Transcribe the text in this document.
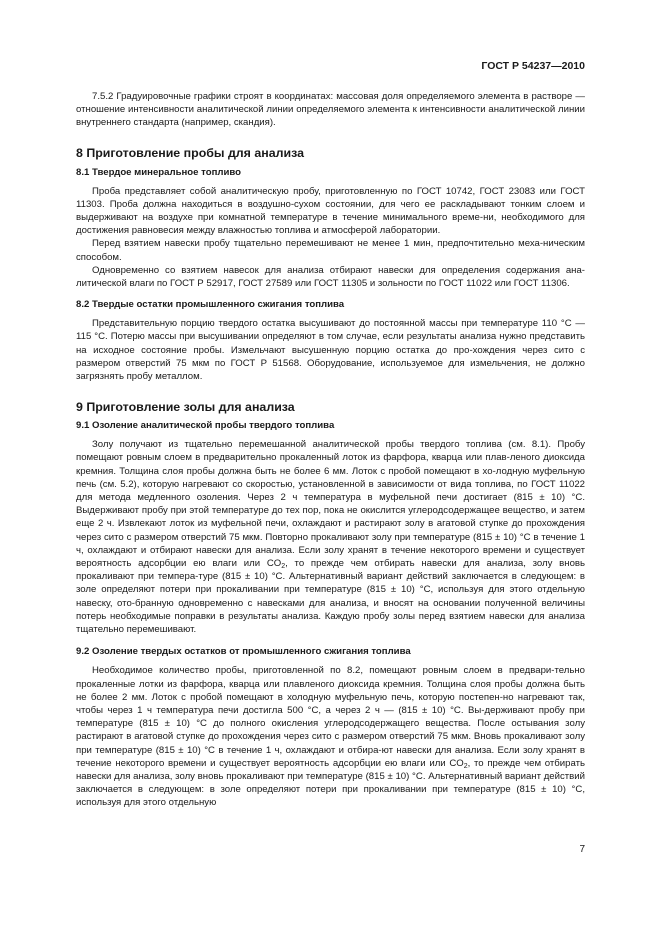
ГОСТ Р 54237—2010

7.5.2 Градуировочные графики строят в координатах: массовая доля определяемого элемента в растворе — отношение интенсивности аналитической линии определяемого элемента к интенсивности аналитической линии внутреннего стандарта (например, скандия).

8 Приготовление пробы для анализа
8.1 Твердое минеральное топливо

Проба представляет собой аналитическую пробу, приготовленную по ГОСТ 10742, ГОСТ 23083 или ГОСТ 11303. Проба должна находиться в воздушно-сухом состоянии, для чего ее раскладывают тонким слоем и выдерживают на воздухе при комнатной температуре в течение минимального време-ни, необходимого для достижения равновесия между влажностью топлива и атмосферой лаборатории.

Перед взятием навески пробу тщательно перемешивают не менее 1 мин, предпочтительно меха-ническим способом.

Одновременно со взятием навесок для анализа отбирают навески для определения содержания ана-литической влаги по ГОСТ Р 52917, ГОСТ 27589 или ГОСТ 11305 и зольности по ГОСТ 11022 или ГОСТ 11306.

8.2 Твердые остатки промышленного сжигания топлива

Представительную порцию твердого остатка высушивают до постоянной массы при температуре 110 °С — 115 °С. Потерю массы при высушивании определяют в том случае, если результаты анализа нужно представить на исходное состояние пробы. Измельчают высушенную порцию остатка до про-хождения через сито с размером отверстий 75 мкм по ГОСТ Р 51568. Оборудование, используемое для измельчения, не должно загрязнять пробу металлом.

9 Приготовление золы для анализа
9.1 Озоление аналитической пробы твердого топлива

Золу получают из тщательно перемешанной аналитической пробы твердого топлива (см. 8.1). Пробу помещают ровным слоем в предварительно прокаленный лоток из фарфора, кварца или плав-леного диоксида кремния. Толщина слоя пробы должна быть не более 6 мм. Лоток с пробой помещают в хо-лодную муфельную печь (см. 5.2), которую нагревают со скоростью, установленной в зависимости от вида топлива, по ГОСТ 11022 для метода медленного озоления. Через 2 ч температура в муфельной печи достигает (815 ± 10) °С. Выдерживают пробу при этой температуре до тех пор, пока не окислится углеродсодержащее вещество, и затем еще 2 ч. Извлекают лоток из муфельной печи, охлаждают и растирают золу в агатовой ступке до прохождения через сито с размером отверстий 75 мкм. Повторно прокаливают золу при температуре (815 ± 10) °С в течение 1 ч, охлаждают и отбирают навески для анализа. Если золу хранят в течение некоторого времени и существует вероятность адсорбции ею влаги или $CO_2$, то прежде чем отбирать навески для анализа, золу вновь прокаливают при темпера-туре (815 ± 10) °С. Альтернативный вариант действий заключается в следующем: в золе определяют потери при прокаливании при температуре (815 ± 10) °С, используя для этого отдельную навеску, ото-бранную одновременно с навесками для анализа, и вносят на основании полученной величины потерь необходимые поправки в результаты анализа. Каждую пробу золы перед взятием навески для анализа тщательно перемешивают.

9.2 Озоление твердых остатков от промышленного сжигания топлива

Необходимое количество пробы, приготовленной по 8.2, помещают ровным слоем в предвари-тельно прокаленные лотки из фарфора, кварца или плавленого диоксида кремния. Толщина слоя пробы должна быть не более 2 мм. Лоток с пробой помещают в холодную муфельную печь, которую постепен-но нагревают так, чтобы через 1 ч температура печи достигла 500 °С, а через 2 ч — (815 ± 10) °С. Вы-держивают пробу при температуре (815 ± 10) °С до полного окисления углеродсодержащего вещества. После остывания золу растирают в агатовой ступке до прохождения через сито с размером отверстий 75 мкм. Вновь прокаливают золу при температуре (815 ± 10) °С в течение 1 ч, охлаждают и отбира-ют навески для анализа. Если золу хранят в течение некоторого времени и существует вероятность адсорбции ею влаги или $CO_2$, то прежде чем отбирать навески для анализа, золу вновь прокаливают при температуре (815 ± 10) °С. Альтернативный вариант действий заключается в следующем: в золе определяют потери при прокаливании при температуре (815 ± 10) °С, используя для этого отдельную

7
